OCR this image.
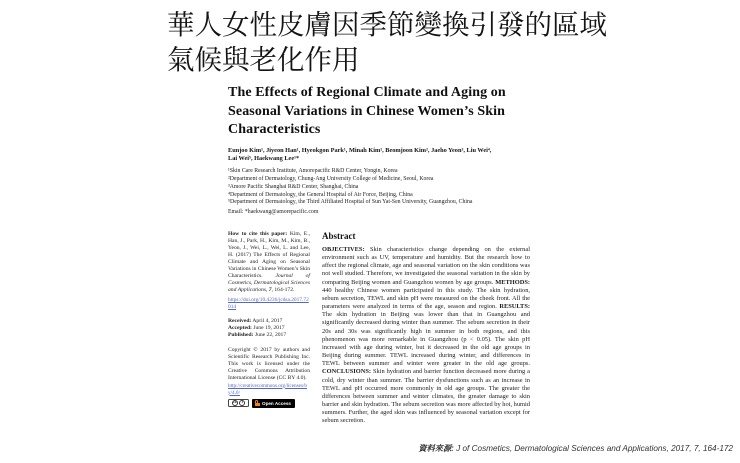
華人女性皮膚因季節變換引發的區域
氣候與老化作用
The Effects of Regional Climate and Aging on Seasonal Variations in Chinese Women’s Skin Characteristics
Eunjoo Kim¹, Jiyeon Han¹, Hyeokgon Park¹, Minah Kim¹, Beomjoon Kim², Jaeho Yeon³, Liu Wei⁴,
Lai Wei⁵, Haekwang Lee¹*
¹Skin Care Research Institute, Amorepacific R&D Center, Yongin, Korea
²Department of Dermatology, Chung-Ang University College of Medicine, Seoul, Korea
³Amore Pacific Shanghai R&D Center, Shanghai, China
⁴Department of Dermatology, the General Hospital of Air Force, Beijing, China
⁵Department of Dermatology, the Third Affiliated Hospital of Sun Yat-Sen University, Guangzhou, China
Email: *haekwang@amorepacific.com
How to cite this paper: Kim, E., Han, J., Park, H., Kim, M., Kim, B., Yeon, J., Wei, L., Wei, L. and Lee, H. (2017) The Effects of Regional Climate and Aging on Seasonal Variations in Chinese Women’s Skin Characteristics. Journal of Cosmetics, Dermatological Sciences and Applications, 7, 164-172.
https://doi.org/10.4236/jcdsa.2017.72014
Received: April 4, 2017
Accepted: June 19, 2017
Published: June 22, 2017
Copyright © 2017 by authors and Scientific Research Publishing Inc. This work is licensed under the Creative Commons Attribution International License (CC BY 4.0).
http://creativecommons.org/licenses/by/4.0/
cc	ɺ	Open Access
Abstract
OBJECTIVES: Skin characteristics change depending on the external environment such as UV, temperature and humidity. But the research how to affect the regional climate, age and seasonal variation on the skin conditions was not well studied. Therefore, we investigated the seasonal variation in the skin by comparing Beijing women and Guangzhou women by age groups. METHODS: 440 healthy Chinese women participated in this study. The skin hydration, sebum secretion, TEWL and skin pH were measured on the cheek front. All the parameters were analyzed in terms of the age, season and region. RESULTS: The skin hydration in Beijing was lower than that in Guangzhou and significantly decreased during winter than summer. The sebum secretion in their 20s and 30s was significantly high in summer in both regions, and this phenomenon was more remarkable in Guangzhou (p < 0.05). The skin pH increased with age during winter, but it decreased in the old age groups in Beijing during summer. TEWL increased during winter, and differences in TEWL between summer and winter were greater in the old age groups. CONCLUSIONS: Skin hydration and barrier function decreased more during a cold, dry winter than summer. The barrier dysfunctions such as an increase in TEWL and pH occurred more commonly in old age groups. The greater the differences between summer and winter climates, the greater damage to skin barrier and skin hydration. The sebum secretion was more affected by hot, humid summers. Further, the aged skin was influenced by seasonal variation except for sebum secretion.
資料來源: J of Cosmetics, Dermatological Sciences and Applications, 2017, 7, 164-172
